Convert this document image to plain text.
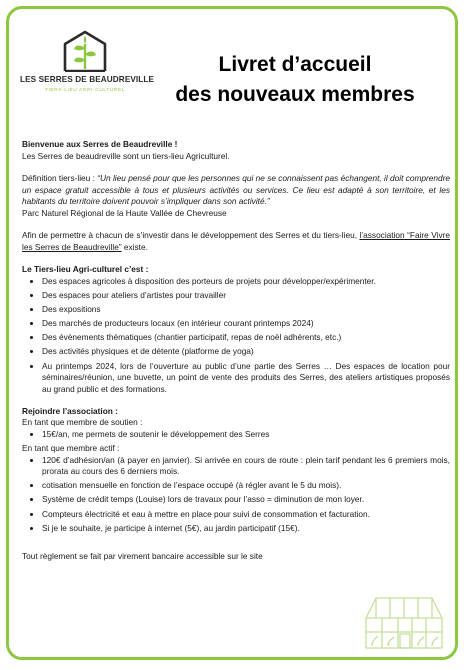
LES SERRES DE BEAUDREVILLE
TIERS-LIEU AGRI-CULTUREL
Livret d’accueil
des nouveaux membres

Bienvenue aux Serres de Beaudreville !

Les Serres de beaudreville sont un tiers-lieu Agriculturel.

Définition tiers-lieu : “Un lieu pensé pour que les personnes qui ne se connaissent pas échangent, il doit comprendre un espace gratuit accessible à tous et plusieurs activités ou services. Ce lieu est adapté à son territoire, et les habitants du territoire doivent pouvoir s’impliquer dans son activité.”

Parc Naturel Régional de la Haute Vallée de Chevreuse

Afin de permettre à chacun de s’investir dans le développement des Serres et du tiers-lieu, l’association “Faire Vivre les Serres de Beaudreville” existe.

Le Tiers-lieu Agri-culturel c’est :

• Des espaces agricoles à disposition des porteurs de projets pour développer/expérimenter.
• Des espaces pour ateliers d’artistes pour travailler
• Des expositions
• Des marchés de producteurs locaux (en intérieur courant printemps 2024)
• Des évènements thématiques (chantier participatif, repas de noël adhérents, etc.)
• Des activités physiques et de détente (platforme de yoga)
• Au printemps 2024, lors de l’ouverture au public d’une partie des Serres … Des espaces de location pour séminaires/réunion, une buvette, un point de vente des produits des Serres, des ateliers artistiques proposés au grand public et des formations.

Rejoindre l’association :

En tant que membre de soutien :

• 15€/an, me permets de soutenir le développement des Serres

En tant que membre actif :

• 120€ d’adhésion/an (à payer en janvier). Si arrivée en cours de route : plein tarif pendant les 6 premiers mois, prorata au cours des 6 derniers mois.
• cotisation mensuelle en fonction de l’espace occupé (à régler avant le 5 du mois).
• Système de crédit temps (Louise) lors de travaux pour l’asso = diminution de mon loyer.
• Compteurs électricité et eau à mettre en place pour suivi de consommation et facturation.
• Si je le souhaite, je participe à internet (5€), au jardin participatif (15€).

Tout règlement se fait par virement bancaire accessible sur le site
